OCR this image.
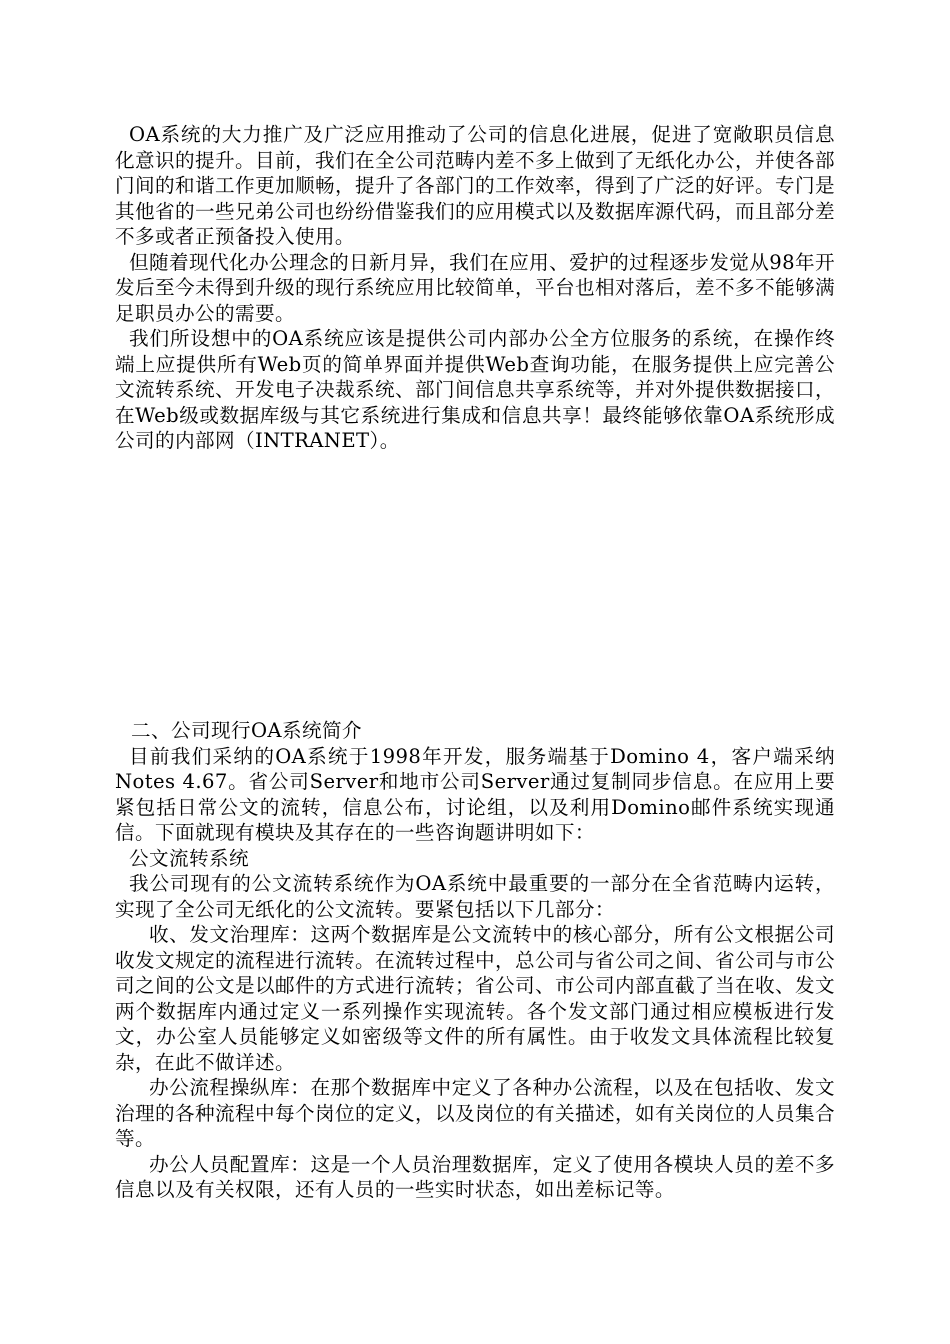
OA系统的大力推广及广泛应用推动了公司的信息化进展，促进了宽敞职员信息化意识的提升。目前，我们在全公司范畴内差不多上做到了无纸化办公，并使各部门间的和谐工作更加顺畅，提升了各部门的工作效率，得到了广泛的好评。专门是其他省的一些兄弟公司也纷纷借鉴我们的应用模式以及数据库源代码，而且部分差不多或者正预备投入使用。

但随着现代化办公理念的日新月异，我们在应用、爱护的过程逐步发觉从98年开发后至今未得到升级的现行系统应用比较简单，平台也相对落后，差不多不能够满足职员办公的需要。

我们所设想中的OA系统应该是提供公司内部办公全方位服务的系统，在操作终端上应提供所有Web页的简单界面并提供Web查询功能，在服务提供上应完善公文流转系统、开发电子决裁系统、部门间信息共享系统等，并对外提供数据接口，在Web级或数据库级与其它系统进行集成和信息共享！最终能够依靠OA系统形成公司的内部网（INTRANET）。

二、公司现行OA系统简介

目前我们采纳的OA系统于1998年开发，服务端基于Domino 4，客户端采纳Notes 4.67。省公司Server和地市公司Server通过复制同步信息。在应用上要紧包括日常公文的流转，信息公布，讨论组，以及利用Domino邮件系统实现通信。下面就现有模块及其存在的一些咨询题讲明如下：

公文流转系统

我公司现有的公文流转系统作为OA系统中最重要的一部分在全省范畴内运转，实现了全公司无纸化的公文流转。要紧包括以下几部分：

收、发文治理库：这两个数据库是公文流转中的核心部分，所有公文根据公司收发文规定的流程进行流转。在流转过程中，总公司与省公司之间、省公司与市公司之间的公文是以邮件的方式进行流转；省公司、市公司内部直截了当在收、发文两个数据库内通过定义一系列操作实现流转。各个发文部门通过相应模板进行发文，办公室人员能够定义如密级等文件的所有属性。由于收发文具体流程比较复杂，在此不做详述。

办公流程操纵库：在那个数据库中定义了各种办公流程，以及在包括收、发文治理的各种流程中每个岗位的定义，以及岗位的有关描述，如有关岗位的人员集合等。

办公人员配置库：这是一个人员治理数据库，定义了使用各模块人员的差不多信息以及有关权限，还有人员的一些实时状态，如出差标记等。
